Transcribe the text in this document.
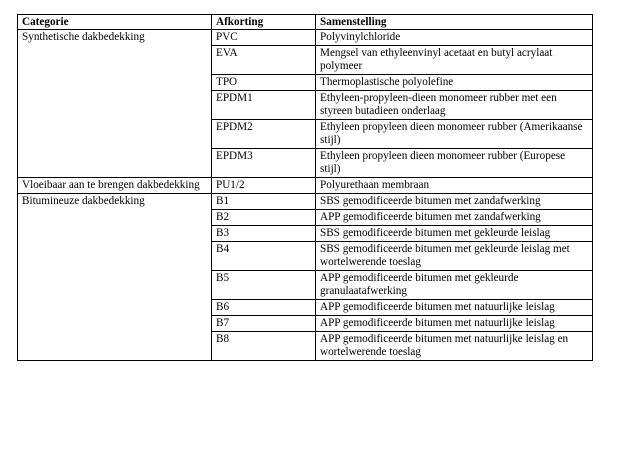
Categorie	Afkorting	Samenstelling
Synthetische dakbedekking	PVC	Polyvinylchloride
	EVA	Mengsel van ethyleenvinyl acetaat en butyl acrylaat polymeer
	TPO	Thermoplastische polyolefine
	EPDM1	Ethyleen-propyleen-dieen monomeer rubber met een styreen butadieen onderlaag
	EPDM2	Ethyleen propyleen dieen monomeer rubber (Amerikaanse stijl)
	EPDM3	Ethyleen propyleen dieen monomeer rubber (Europese stijl)
Vloeibaar aan te brengen dakbedekking	PU1/2	Polyurethaan membraan
Bitumineuze dakbedekking	B1	SBS gemodificeerde bitumen met zandafwerking
	B2	APP gemodificeerde bitumen met zandafwerking
	B3	SBS gemodificeerde bitumen met gekleurde leislag
	B4	SBS gemodificeerde bitumen met gekleurde leislag met wortelwerende toeslag
	B5	APP gemodificeerde bitumen met gekleurde granulaatafwerking
	B6	APP gemodificeerde bitumen met natuurlijke leislag
	B7	APP gemodificeerde bitumen met natuurlijke leislag
	B8	APP gemodificeerde bitumen met natuurlijke leislag en wortelwerende toeslag
